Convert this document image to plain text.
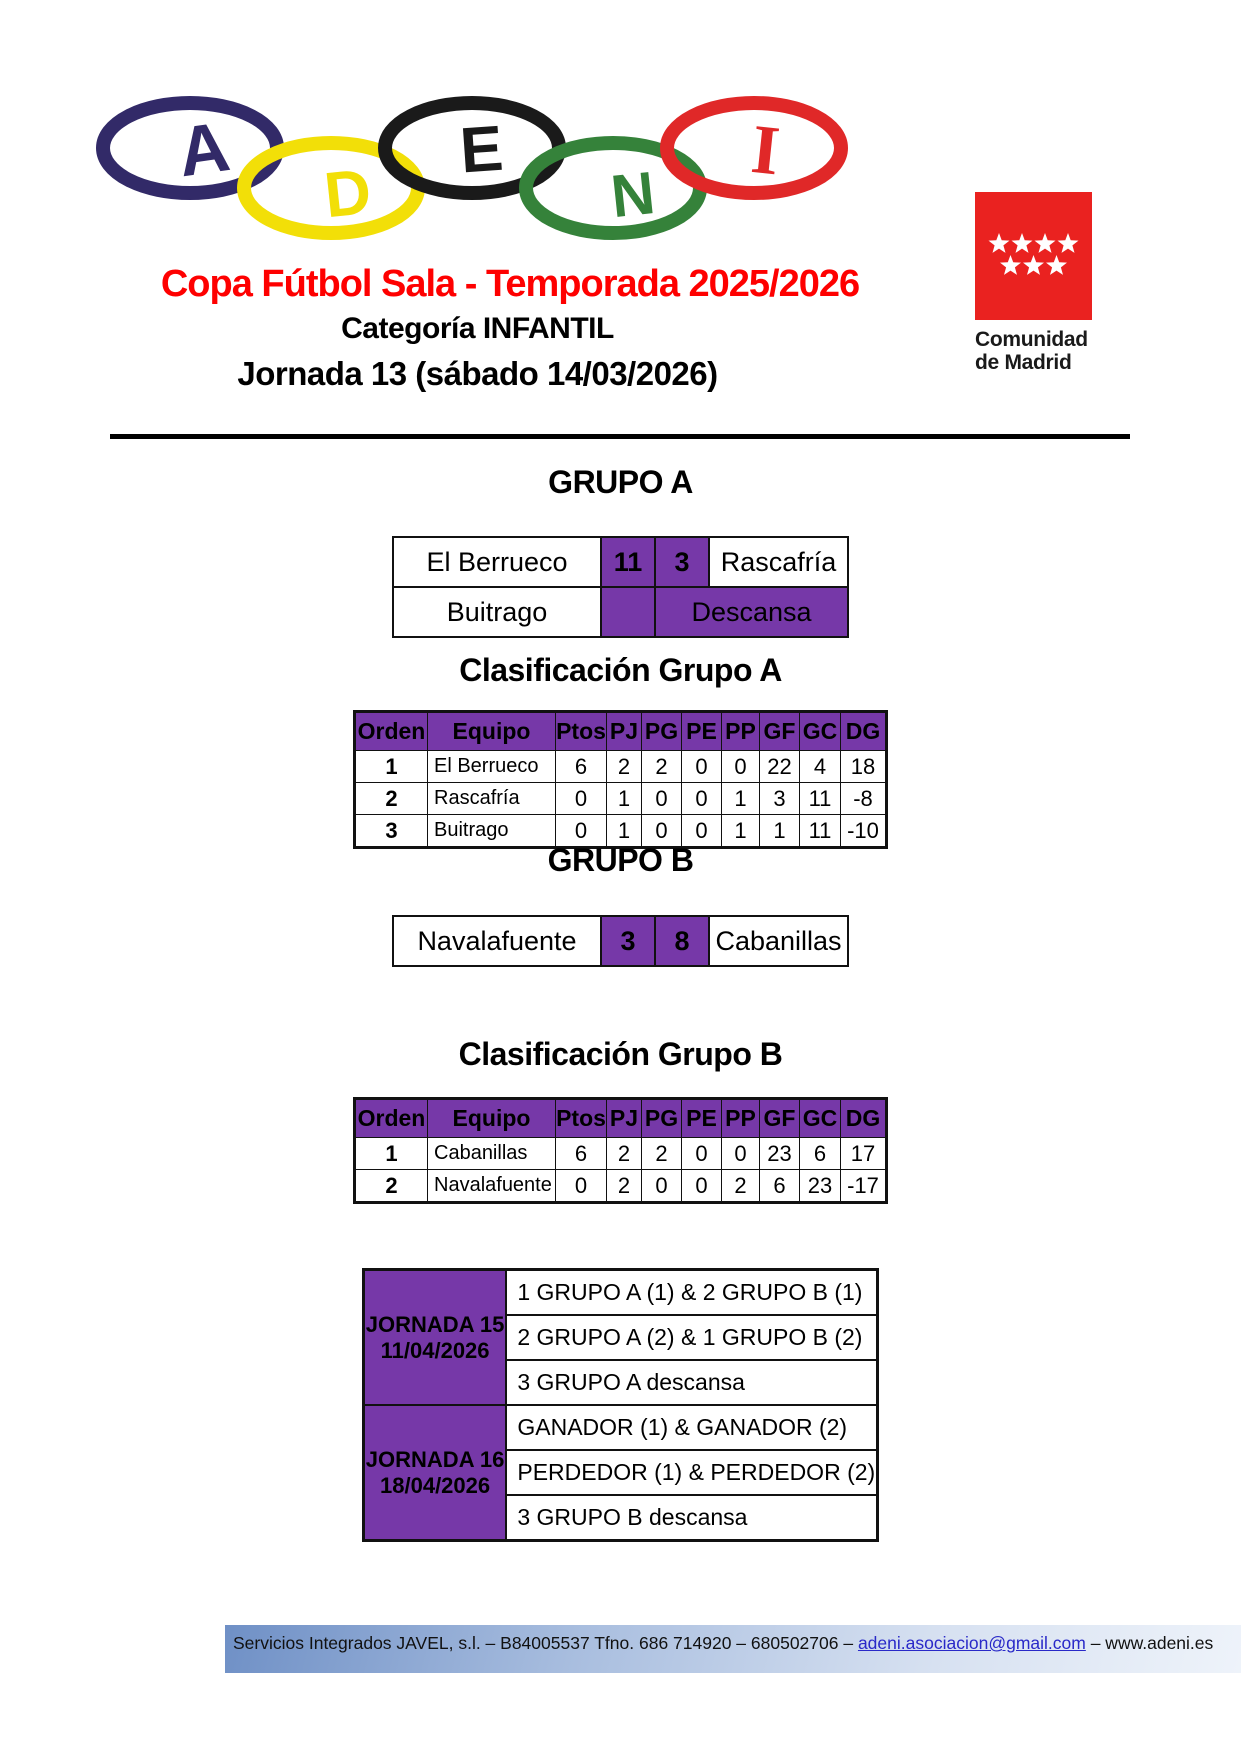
A
D
E
N
I
Comunidad
de Madrid
Copa Fútbol Sala - Temporada 2025/2026
Categoría INFANTIL
Jornada 13 (sábado 14/03/2026)
GRUPO A
El Berrueco	11	3	Rascafría
Buitrago		Descansa	
Clasificación Grupo A
Orden	Equipo	Ptos	PJ	PG	PE	PP	GF	GC	DG
1	El Berrueco	6	2	2	0	0	22	4	18
2	Rascafría	0	1	0	0	1	3	11	-8
3	Buitrago	0	1	0	0	1	1	11	-10
GRUPO B
Navalafuente	3	8	Cabanillas
Clasificación Grupo B
Orden	Equipo	Ptos	PJ	PG	PE	PP	GF	GC	DG
1	Cabanillas	6	2	2	0	0	23	6	17
2	Navalafuente	0	2	0	0	2	6	23	-17
JORNADA 15
11/04/2026	1 GRUPO A (1) & 2 GRUPO B (1)
	2 GRUPO A (2) & 1 GRUPO B (2)
	3 GRUPO A descansa

JORNADA 16
18/04/2026	GANADOR (1) & GANADOR (2)
	PERDEDOR (1) & PERDEDOR (2)
	3 GRUPO B descansa
Servicios Integrados JAVEL, s.l. – B84005537 Tfno. 686 714920 – 680502706 – adeni.asociacion@gmail.com – www.adeni.es
